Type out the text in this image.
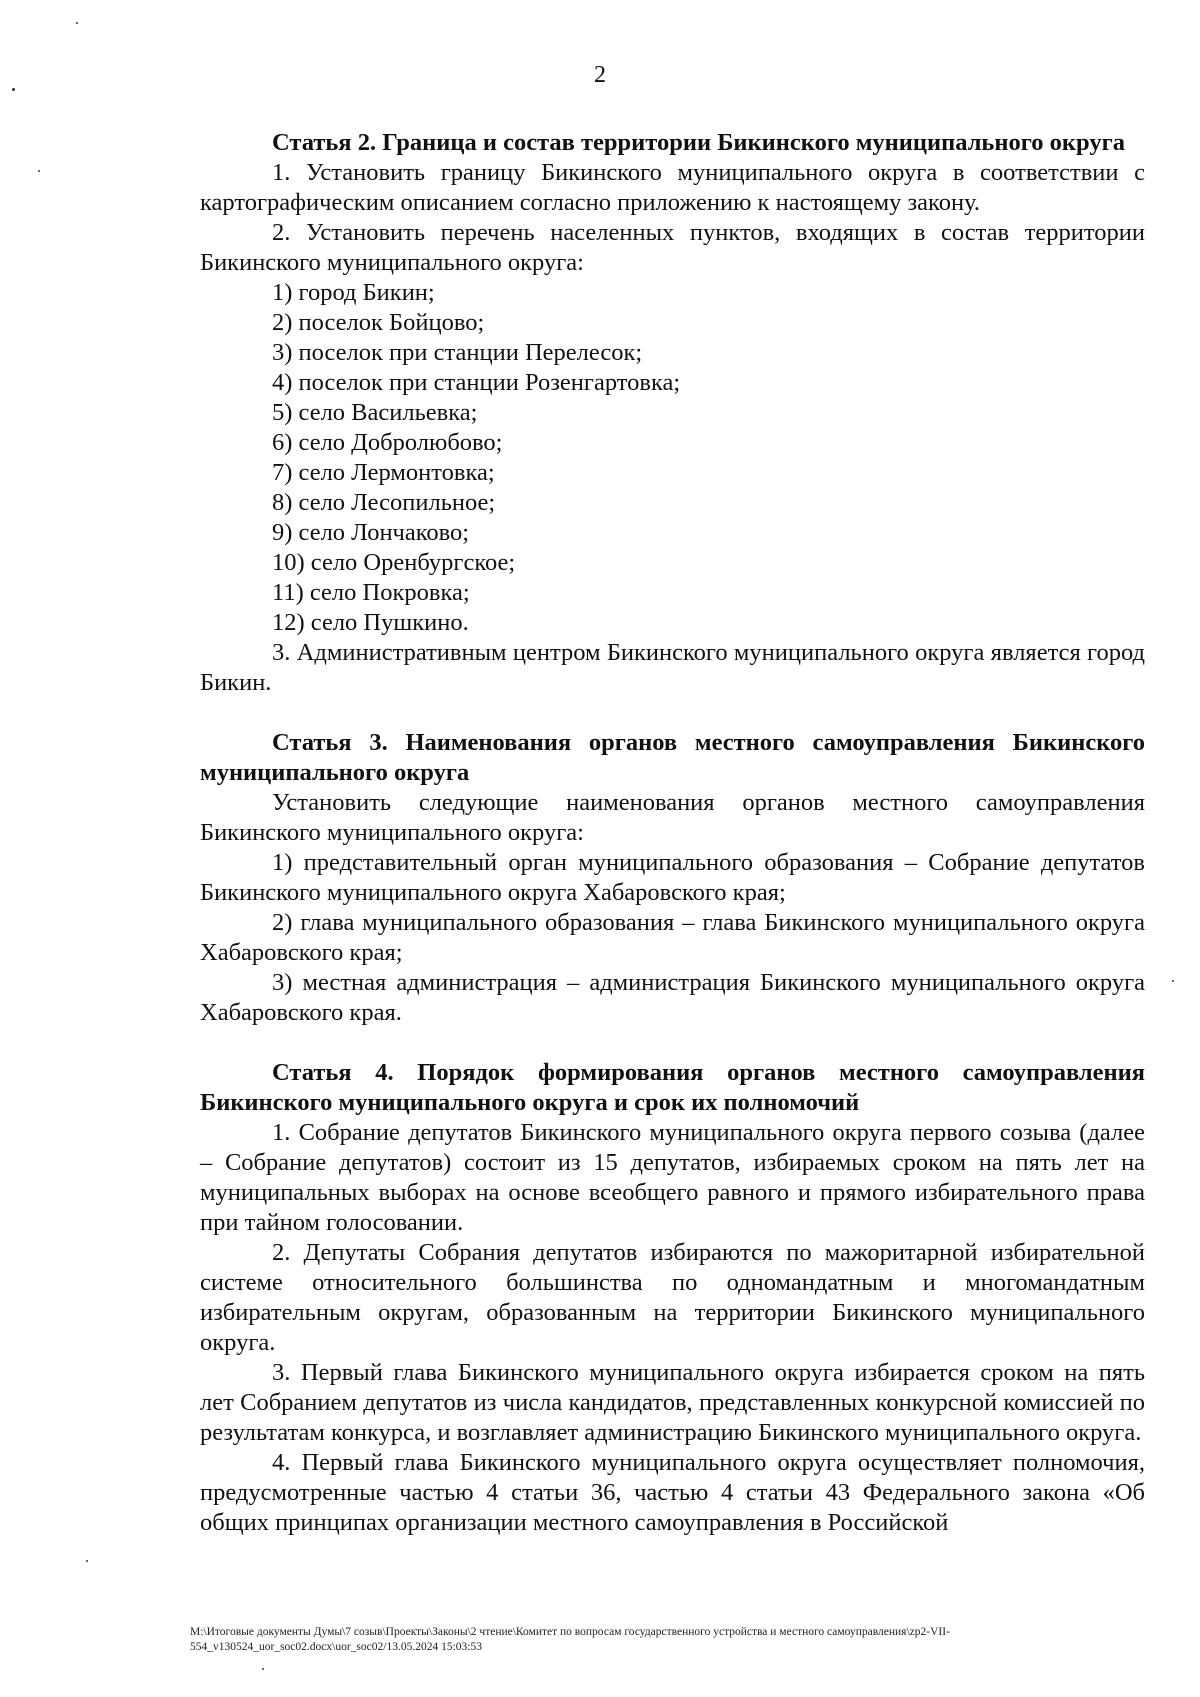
2
Статья 2. Граница и состав территории Бикинского муниципального округа
1. Установить границу Бикинского муниципального округа в соответствии с картографическим описанием согласно приложению к настоящему закону.
2. Установить перечень населенных пунктов, входящих в состав территории Бикинского муниципального округа:
1) город Бикин;
2) поселок Бойцово;
3) поселок при станции Перелесок;
4) поселок при станции Розенгартовка;
5) село Васильевка;
6) село Добролюбово;
7) село Лермонтовка;
8) село Лесопильное;
9) село Лончаково;
10) село Оренбургское;
11) село Покровка;
12) село Пушкино.
3. Административным центром Бикинского муниципального округа является город Бикин.
Статья 3. Наименования органов местного самоуправления Бикинского муниципального округа
Установить следующие наименования органов местного самоуправления Бикинского муниципального округа:
1) представительный орган муниципального образования – Собрание депутатов Бикинского муниципального округа Хабаровского края;
2) глава муниципального образования – глава Бикинского муниципального округа Хабаровского края;
3) местная администрация – администрация Бикинского муниципального округа Хабаровского края.
Статья 4. Порядок формирования органов местного самоуправления Бикинского муниципального округа и срок их полномочий
1. Собрание депутатов Бикинского муниципального округа первого созыва (далее – Собрание депутатов) состоит из 15 депутатов, избираемых сроком на пять лет на муниципальных выборах на основе всеобщего равного и прямого избирательного права при тайном голосовании.
2. Депутаты Собрания депутатов избираются по мажоритарной избирательной системе относительного большинства по одномандатным и многомандатным избирательным округам, образованным на территории Бикинского муниципального округа.
3. Первый глава Бикинского муниципального округа избирается сроком на пять лет Собранием депутатов из числа кандидатов, представленных конкурсной комиссией по результатам конкурса, и возглавляет администрацию Бикинского муниципального округа.
4. Первый глава Бикинского муниципального округа осуществляет полномочия, предусмотренные частью 4 статьи 36, частью 4 статьи 43 Федерального закона «Об общих принципах организации местного самоуправления в Российской
M:\Итоговые документы Думы\7 созыв\Проекты\Законы\2 чтение\Комитет по вопросам государственного устройства и местного самоуправления\zp2-VII-
554_v130524_uor_soc02.docx\uor_soc02/13.05.2024 15:03:53
